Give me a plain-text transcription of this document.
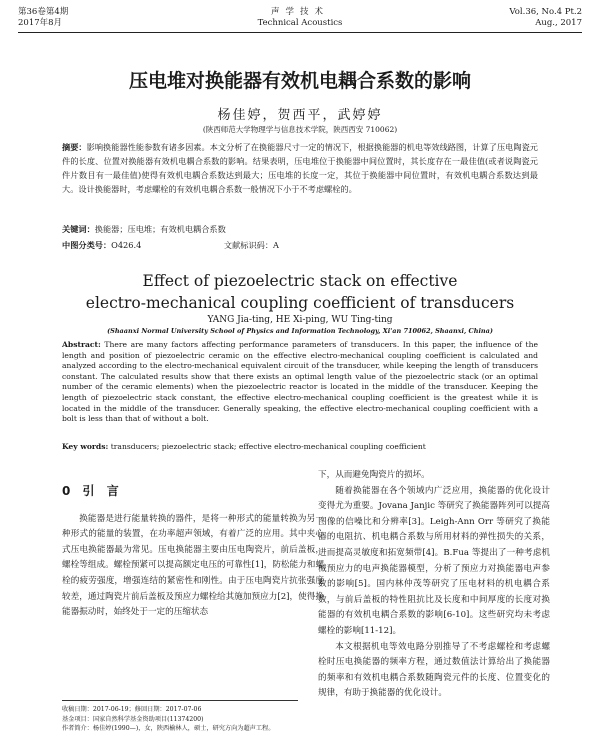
第36卷第4期
2017年8月
声学技术
Technical Acoustics
Vol.36, No.4 Pt.2
Aug., 2017
压电堆对换能器有效机电耦合系数的影响
杨佳婷，贺西平，武婷婷
(陕西师范大学物理学与信息技术学院，陕西西安 710062)
摘要：影响换能器性能参数有诸多因素。本文分析了在换能器尺寸一定的情况下，根据换能器的机电等效线路图，计算了压电陶瓷元件的长度、位置对换能器有效机电耦合系数的影响。结果表明，压电堆位于换能器中间位置时，其长度存在一最佳值(或者说陶瓷元件片数目有一最佳值)使得有效机电耦合系数达到最大；压电堆的长度一定，其位于换能器中间位置时，有效机电耦合系数达到最大。设计换能器时，考虑螺栓的有效机电耦合系数一般情况下小于不考虑螺栓的。
关键词：换能器；压电堆；有效机电耦合系数
中图分类号：O426.4	文献标识码：A
Effect of piezoelectric stack on effective
electro-mechanical coupling coefficient of transducers
YANG Jia-ting, HE Xi-ping, WU Ting-ting
(Shaanxi Normal University School of Physics and Information Technology, Xi'an 710062, Shaanxi, China)
Abstract: There are many factors affecting performance parameters of transducers. In this paper, the influence of the length and position of piezoelectric ceramic on the effective electro-mechanical coupling coefficient is calculated and analyzed according to the electro-mechanical equivalent circuit of the transducer, while keeping the length of transducers constant. The calculated results show that there exists an optimal length value of the piezoelectric stack (or an optimal number of the ceramic elements) when the piezoelectric reactor is located in the middle of the transducer. Keeping the length of piezoelectric stack constant, the effective electro-mechanical coupling coefficient is the greatest while it is located in the middle of the transducer. Generally speaking, the effective electro-mechanical coupling coefficient with a bolt is less than that of without a bolt.
Key words: transducers; piezoelectric stack; effective electro-mechanical coupling coefficient
0 引 言

换能器是进行能量转换的器件，是将一种形式的能量转换为另一种形式的能量的装置，在功率超声领域，有着广泛的应用。其中夹心式压电换能器最为常见。压电换能器主要由压电陶瓷片，前后盖板，螺栓等组成。螺栓预紧可以提高额定电压的可靠性[1]，防松能力和螺栓的疲劳强度，增强连结的紧密性和刚性。由于压电陶瓷片抗张强度较差，通过陶瓷片前后盖板及预应力螺栓给其施加预应力[2]，使得换能器振动时，始终处于一定的压缩状态

下，从而避免陶瓷片的损坏。

随着换能器在各个领域内广泛应用，换能器的优化设计变得尤为重要。Jovana Janjic 等研究了换能器阵列可以提高图像的信噪比和分辨率[3]。Leigh-Ann Orr 等研究了换能器的电阻抗、机电耦合系数与所用材料的弹性损失的关系，进而提高灵敏度和拓宽频带[4]。B.Fua 等提出了一种考虑机械预应力的电声换能器模型，分析了预应力对换能器电声参数的影响[5]。国内林仲茂等研究了压电材料的机电耦合系数，与前后盖板的特性阻抗比及长度和中间厚度的长度对换能器的有效机电耦合系数的影响[6-10]。这些研究均未考虑螺栓的影响[11-12]。

本文根据机电等效电路分别推导了不考虑螺栓和考虑螺栓时压电换能器的频率方程，通过数值法计算给出了换能器的频率和有效机电耦合系数随陶瓷元件的长度、位置变化的规律，有助于换能器的优化设计。

收稿日期：2017-06-19；修回日期：2017-07-06
基金项目：国家自然科学基金资助项目(11374200)
作者简介：杨佳婷(1990—)，女，陕西榆林人，硕士，研究方向为超声工程。
